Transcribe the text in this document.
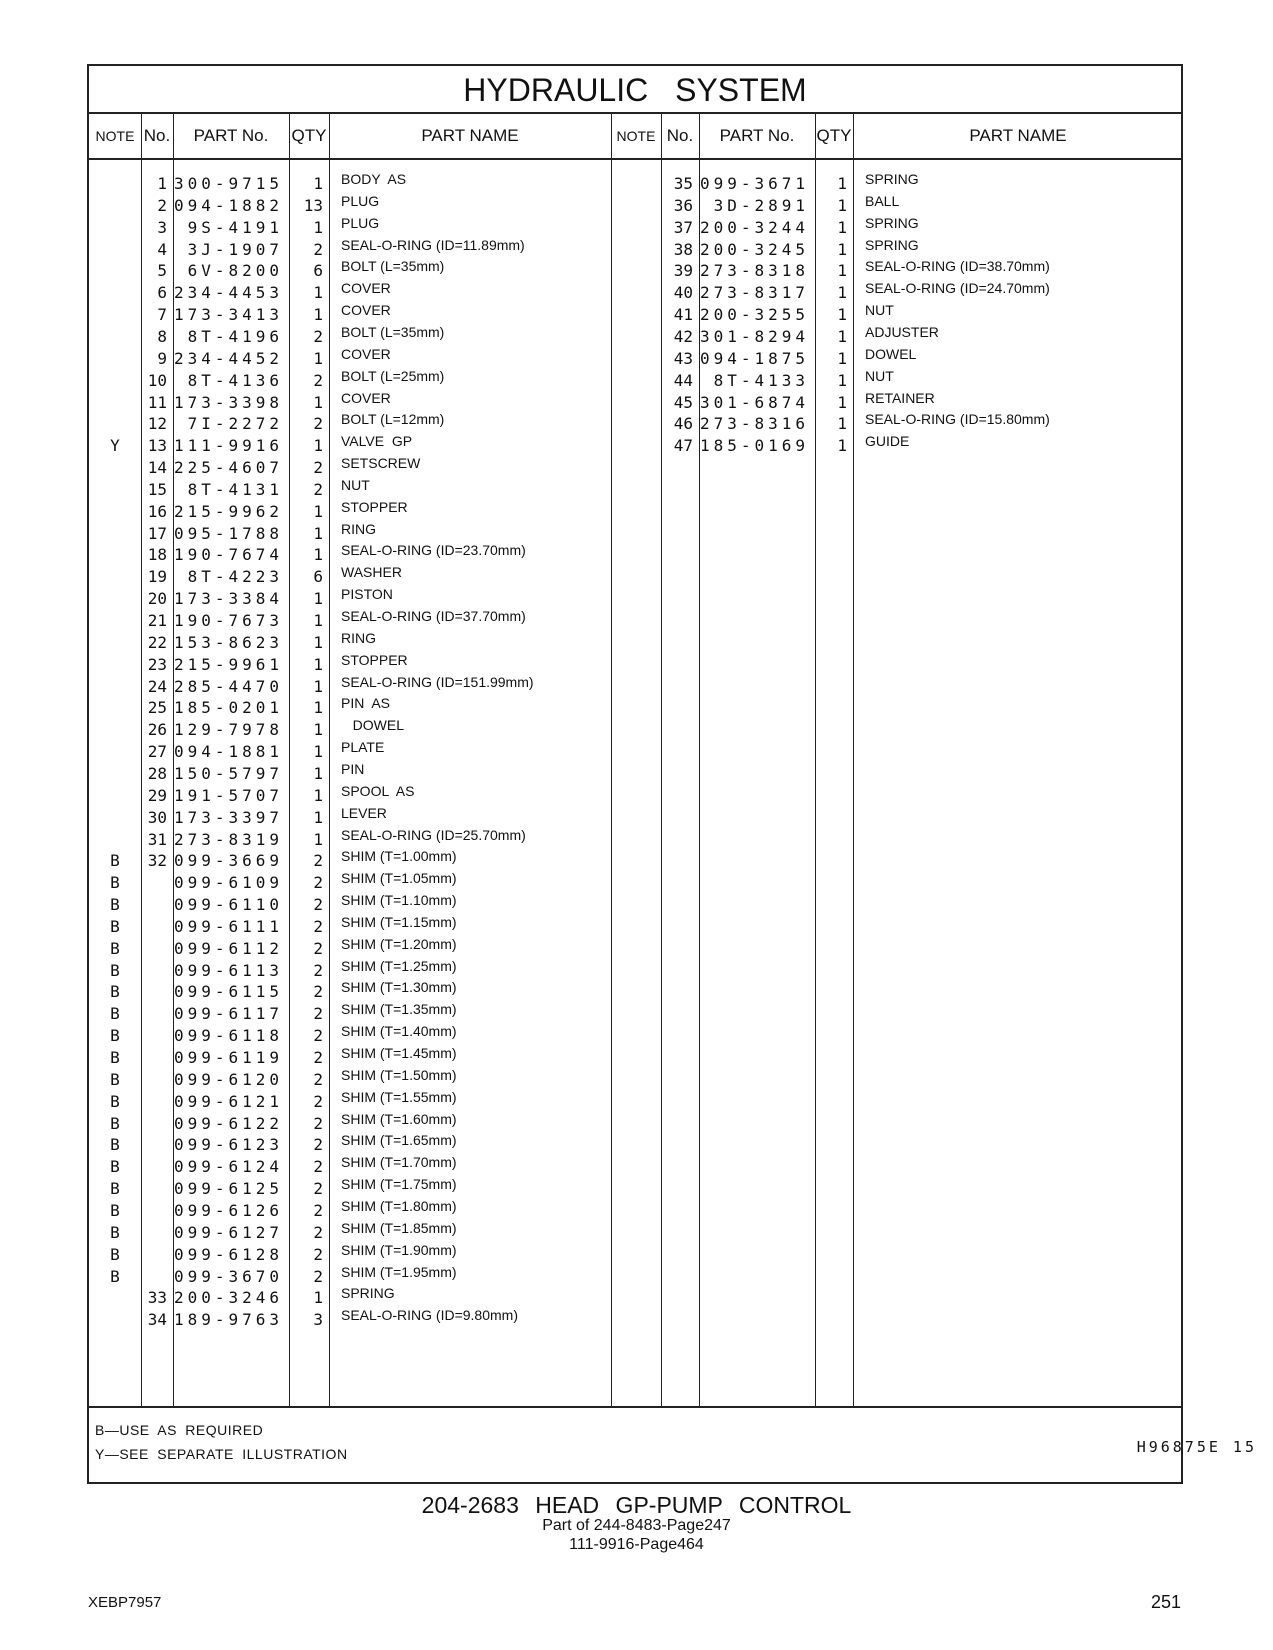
HYDRAULIC SYSTEM
NOTE No.	PART No.	QTY	PART NAME	NOTE No.	PART No.	QTY	PART NAME
1 300-9715	1 BODY  AS
2 094-1882	13 PLUG
3	9S-4191	1 PLUG
4	3J-1907	2 SEAL-O-RING (ID=11.89mm)
5	6V-8200	6 BOLT (L=35mm)
6 234-4453	1 COVER
7 173-3413	1 COVER
8	8T-4196	2 BOLT (L=35mm)
9 234-4452	1 COVER
10	8T-4136	2 BOLT (L=25mm)
11 173-3398	1 COVER
12	7I-2272	2 BOLT (L=12mm)
Y	13 111-9916	1 VALVE  GP
14 225-4607	2 SETSCREW
15	8T-4131	2 NUT
16 215-9962	1 STOPPER
17 095-1788	1 RING
18 190-7674	1 SEAL-O-RING (ID=23.70mm)
19	8T-4223	6 WASHER
20 173-3384	1 PISTON
21 190-7673	1 SEAL-O-RING (ID=37.70mm)
22 153-8623	1 RING
23 215-9961	1 STOPPER
24 285-4470	1 SEAL-O-RING (ID=151.99mm)
25 185-0201	1 PIN  AS
26 129-7978	1 DOWEL
27 094-1881	1 PLATE
28 150-5797	1 PIN
29 191-5707	1 SPOOL  AS
30 173-3397	1 LEVER
31 273-8319	1 SEAL-O-RING (ID=25.70mm)
B	32 099-3669	2 SHIM (T=1.00mm)
B	099-6109	2 SHIM (T=1.05mm)
B	099-6110	2 SHIM (T=1.10mm)
B	099-6111	2 SHIM (T=1.15mm)
B	099-6112	2 SHIM (T=1.20mm)
B	099-6113	2 SHIM (T=1.25mm)
B	099-6115	2 SHIM (T=1.30mm)
B	099-6117	2 SHIM (T=1.35mm)
B	099-6118	2 SHIM (T=1.40mm)
B	099-6119	2 SHIM (T=1.45mm)
B	099-6120	2 SHIM (T=1.50mm)
B	099-6121	2 SHIM (T=1.55mm)
B	099-6122	2 SHIM (T=1.60mm)
B	099-6123	2 SHIM (T=1.65mm)
B	099-6124	2 SHIM (T=1.70mm)
B	099-6125	2 SHIM (T=1.75mm)
B	099-6126	2 SHIM (T=1.80mm)
B	099-6127	2 SHIM (T=1.85mm)
B	099-6128	2 SHIM (T=1.90mm)
B	099-3670	2 SHIM (T=1.95mm)
33 200-3246	1 SPRING
34 189-9763	3 SEAL-O-RING (ID=9.80mm)
35 099-3671	1 SPRING
36	3D-2891	1 BALL
37 200-3244	1 SPRING
38 200-3245	1 SPRING
39 273-8318	1 SEAL-O-RING (ID=38.70mm)
40 273-8317	1 SEAL-O-RING (ID=24.70mm)
41 200-3255	1 NUT
42 301-8294	1 ADJUSTER
43 094-1875	1 DOWEL
44	8T-4133	1 NUT
45 301-6874	1 RETAINER
46 273-8316	1 SEAL-O-RING (ID=15.80mm)
47 185-0169	1 GUIDE
B—USE AS REQUIRED
Y—SEE SEPARATE ILLUSTRATION	H96875E 15
204-2683 HEAD GP-PUMP CONTROL
Part of 244-8483-Page247
111-9916-Page464
XEBP7957	251
